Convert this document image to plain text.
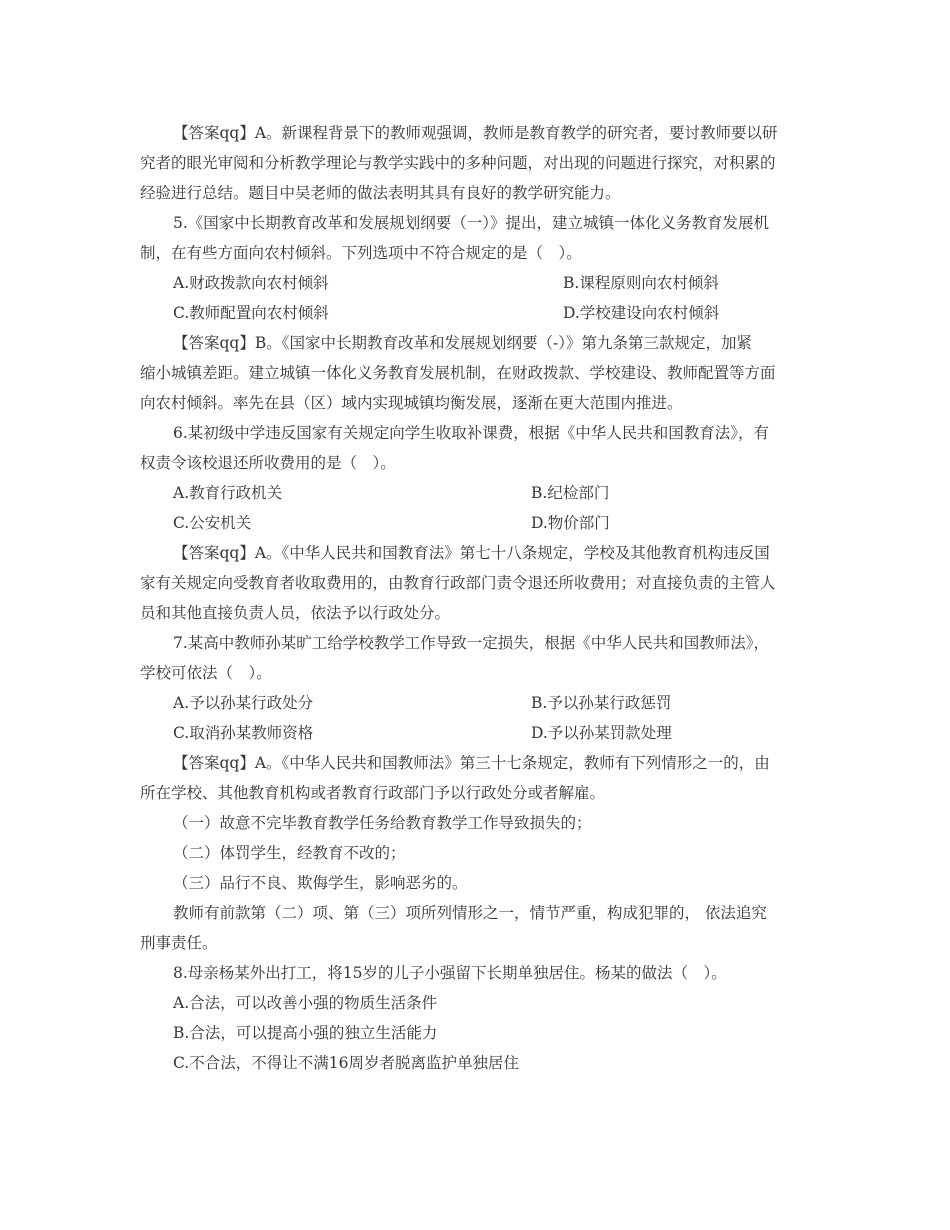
【答案qq】A。新课程背景下的教师观强调，教师是教育教学的研究者，要讨教师要以研
究者的眼光审阅和分析教学理论与教学实践中的多种问题，对出现的问题进行探究，对积累的
经验进行总结。题目中吴老师的做法表明其具有良好的教学研究能力。
5.《国家中长期教育改革和发展规划纲要（一）》提出，建立城镇一体化义务教育发展机
制，在有些方面向农村倾斜。下列选项中不符合规定的是（　）。
A.财政拨款向农村倾斜	B.课程原则向农村倾斜
C.教师配置向农村倾斜	D.学校建设向农村倾斜
【答案qq】B。《国家中长期教育改革和发展规划纲要（-）》第九条第三款规定，加紧
缩小城镇差距。建立城镇一体化义务教育发展机制，在财政拨款、学校建设、教师配置等方面
向农村倾斜。率先在县（区）域内实现城镇均衡发展，逐渐在更大范围内推进。
6.某初级中学违反国家有关规定向学生收取补课费，根据《中华人民共和国教育法》，有
权责令该校退还所收费用的是（　）。
A.教育行政机关	B.纪检部门
C.公安机关	D.物价部门
【答案qq】A。《中华人民共和国教育法》第七十八条规定，学校及其他教育机构违反国
家有关规定向受教育者收取费用的，由教育行政部门责令退还所收费用；对直接负责的主管人
员和其他直接负责人员，依法予以行政处分。
7.某高中教师孙某旷工给学校教学工作导致一定损失，根据《中华人民共和国教师法》，
学校可依法（　）。
A.予以孙某行政处分	B.予以孙某行政惩罚
C.取消孙某教师资格	D.予以孙某罚款处理
【答案qq】A。《中华人民共和国教师法》第三十七条规定，教师有下列情形之一的，由
所在学校、其他教育机构或者教育行政部门予以行政处分或者解雇。
（一）故意不完毕教育教学任务给教育教学工作导致损失的；
（二）体罚学生，经教育不改的；
（三）品行不良、欺侮学生，影响恶劣的。
教师有前款第（二）项、第（三）项所列情形之一，情节严重，构成犯罪的， 依法追究
刑事责任。
8.母亲杨某外出打工，将15岁的儿子小强留下长期单独居住。杨某的做法（　）。
A.合法，可以改善小强的物质生活条件
B.合法，可以提高小强的独立生活能力
C.不合法，不得让不满16周岁者脱离监护单独居住
